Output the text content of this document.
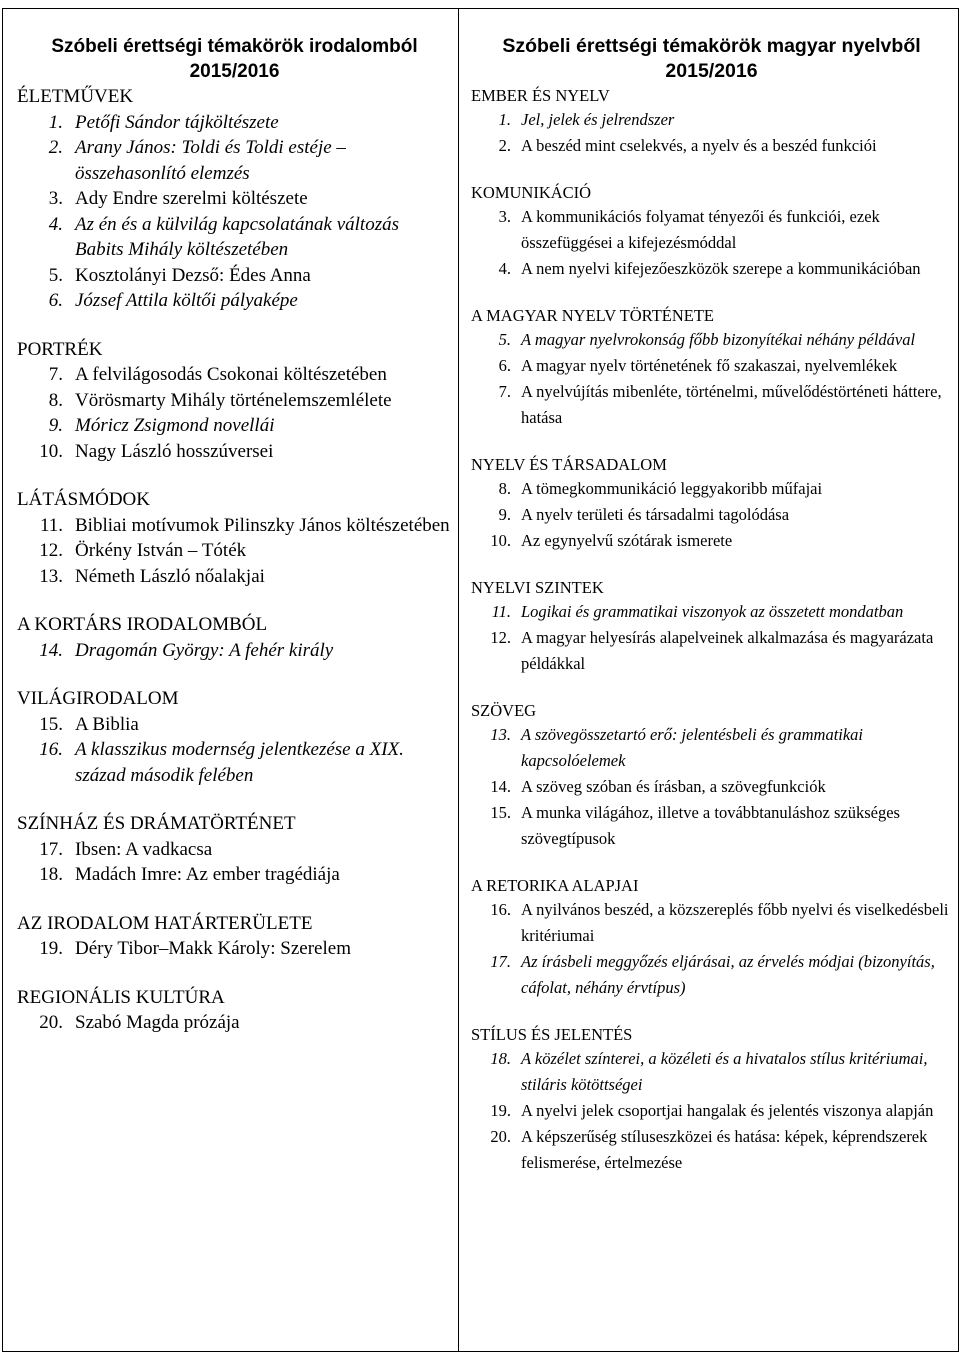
Szóbeli érettségi témakörök irodalomból
2015/2016
ÉLETMŰVEK
1. Petőfi Sándor tájköltészete
2. Arany János: Toldi és Toldi estéje – összehasonlító elemzés
3. Ady Endre szerelmi költészete
4. Az én és a külvilág kapcsolatának változás Babits Mihály költészetében
5. Kosztolányi Dezső: Édes Anna
6. József Attila költői pályaképe
PORTRÉK
7. A felvilágosodás Csokonai költészetében
8. Vörösmarty Mihály történelemszemlélete
9. Móricz Zsigmond novellái
10. Nagy László hosszúversei
LÁTÁSMÓDOK
11. Bibliai motívumok Pilinszky János költészetében
12. Örkény István – Tóték
13. Németh László nőalakjai
A KORTÁRS IRODALOMBÓL
14. Dragomán György: A fehér király
VILÁGIRODALOM
15. A Biblia
16. A klasszikus modernség jelentkezése a XIX. század második felében
SZÍNHÁZ ÉS DRÁMATÖRTÉNET
17. Ibsen: A vadkacsa
18. Madách Imre: Az ember tragédiája
AZ IRODALOM HATÁRTERÜLETE
19. Déry Tibor–Makk Károly: Szerelem
REGIONÁLIS KULTÚRA
20. Szabó Magda prózája

Szóbeli érettségi témakörök magyar nyelvből
2015/2016
EMBER ÉS NYELV
1. Jel, jelek és jelrendszer
2. A beszéd mint cselekvés, a nyelv és a beszéd funkciói
KOMUNIKÁCIÓ
3. A kommunikációs folyamat tényezői és funkciói, ezek összefüggései a kifejezésmóddal
4. A nem nyelvi kifejezőeszközök szerepe a kommunikációban
A MAGYAR NYELV TÖRTÉNETE
5. A magyar nyelvrokonság főbb bizonyítékai néhány példával
6. A magyar nyelv történetének fő szakaszai, nyelvemlékek
7. A nyelvújítás mibenléte, történelmi, művelődéstörténeti háttere, hatása
NYELV ÉS TÁRSADALOM
8. A tömegkommunikáció leggyakoribb műfajai
9. A nyelv területi és társadalmi tagolódása
10. Az egynyelvű szótárak ismerete
NYELVI SZINTEK
11. Logikai és grammatikai viszonyok az összetett mondatban
12. A magyar helyesírás alapelveinek alkalmazása és magyarázata példákkal
SZÖVEG
13. A szövegösszetartó erő: jelentésbeli és grammatikai kapcsolóelemek
14. A szöveg szóban és írásban, a szövegfunkciók
15. A munka világához, illetve a továbbtanuláshoz szükséges szövegtípusok
A RETORIKA ALAPJAI
16. A nyilvános beszéd, a közszereplés főbb nyelvi és viselkedésbeli kritériumai
17. Az írásbeli meggyőzés eljárásai, az érvelés módjai (bizonyítás, cáfolat, néhány érvtípus)
STÍLUS ÉS JELENTÉS
18. A közélet színterei, a közéleti és a hivatalos stílus kritériumai, stiláris kötöttségei
19. A nyelvi jelek csoportjai hangalak és jelentés viszonya alapján
20. A képszerűség stíluseszközei és hatása: képek, képrendszerek felismerése, értelmezése
